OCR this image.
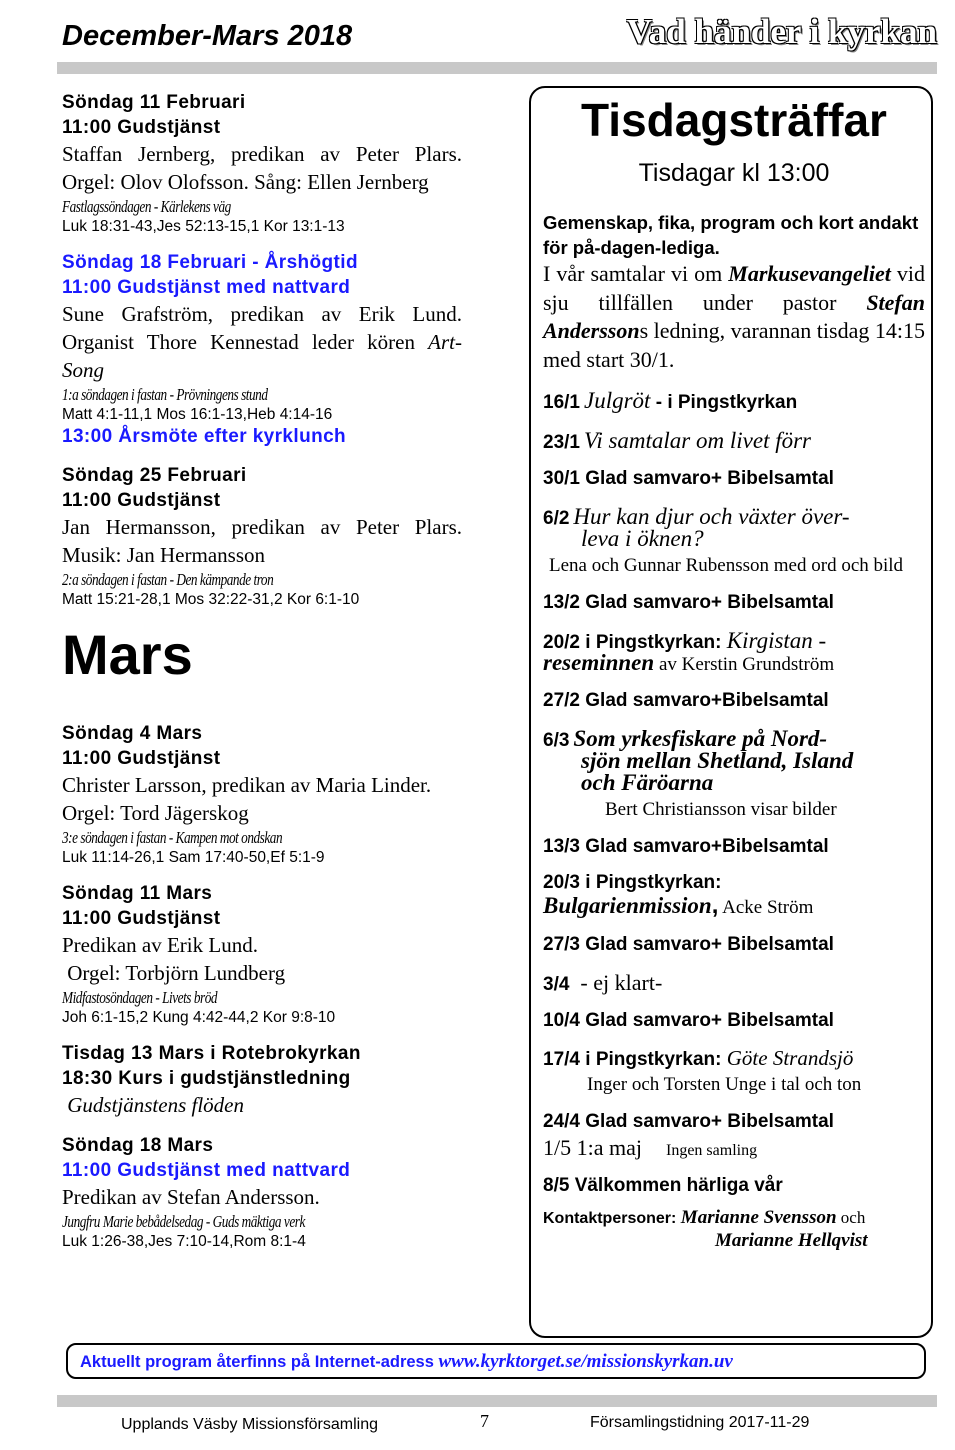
December-Mars 2018	Vad händer i kyrkan
Söndag 11 Februari
11:00 Gudstjänst
Staffan Jernberg, predikan av Peter Plars. Orgel: Olov Olofsson. Sång: Ellen Jernberg
Fastlagssöndagen - Kärlekens väg
Luk 18:31-43,Jes 52:13-15,1 Kor 13:1-13
Söndag 18 Februari - Årshögtid
11:00 Gudstjänst med nattvard
Sune Grafström, predikan av Erik Lund. Organist Thore Kennestad leder kören Art-Song
1:a söndagen i fastan - Prövningens stund
Matt 4:1-11,1 Mos 16:1-13,Heb 4:14-16
13:00 Årsmöte efter kyrklunch
Söndag 25 Februari
11:00 Gudstjänst
Jan Hermansson, predikan av Peter Plars. Musik: Jan Hermansson
2:a söndagen i fastan - Den kämpande tron
Matt 15:21-28,1 Mos 32:22-31,2 Kor 6:1-10
Mars
Söndag 4 Mars
11:00 Gudstjänst
Christer Larsson, predikan av Maria Linder.
Orgel: Tord Jägerskog
3:e söndagen i fastan - Kampen mot ondskan
Luk 11:14-26,1 Sam 17:40-50,Ef 5:1-9
Söndag 11 Mars
11:00 Gudstjänst
Predikan av Erik Lund.
Orgel: Torbjörn Lundberg
Midfastosöndagen - Livets bröd
Joh 6:1-15,2 Kung 4:42-44,2 Kor 9:8-10
Tisdag 13 Mars i Rotebrokyrkan
18:30 Kurs i gudstjänstledning
Gudstjänstens flöden
Söndag 18 Mars
11:00 Gudstjänst med nattvard
Predikan av Stefan Andersson.
Jungfru Marie bebådelsedag - Guds mäktiga verk
Luk 1:26-38,Jes 7:10-14,Rom 8:1-4
Tisdagsträffar
Tisdagar kl 13:00
Gemenskap, fika, program och kort andakt för på-dagen-lediga.
I vår samtalar vi om Markusevangeliet vid sju tillfällen under pastor Stefan Anderssons ledning, varannan tisdag 14:15 med start 30/1.
16/1 Julgröt - i Pingstkyrkan
23/1 Vi samtalar om livet förr
30/1 Glad samvaro+ Bibelsamtal
6/2 Hur kan djur och växter över-
leva i öknen?
Lena och Gunnar Rubensson med ord och bild
13/2 Glad samvaro+ Bibelsamtal
20/2 i Pingstkyrkan: Kirgistan -
reseminnen av Kerstin Grundström
27/2 Glad samvaro+Bibelsamtal
6/3 Som yrkesfiskare på Nord-
sjön mellan Shetland, Island
och Färöarna
Bert Christiansson visar bilder
13/3 Glad samvaro+Bibelsamtal
20/3 i Pingstkyrkan:
Bulgarienmission, Acke Ström
27/3 Glad samvaro+ Bibelsamtal
3/4  - ej klart-
10/4 Glad samvaro+ Bibelsamtal
17/4 i Pingstkyrkan: Göte Strandsjö
Inger och Torsten Unge i tal och ton
24/4 Glad samvaro+ Bibelsamtal
1/5 1:a maj Ingen samling
8/5 Välkommen härliga vår
Kontaktpersoner: Marianne Svensson och
Marianne Hellqvist
Aktuellt program återfinns på Internet-adress www.kyrktorget.se/missionskyrkan.uv
Upplands Väsby Missionsförsamling	7	Församlingstidning 2017-11-29
